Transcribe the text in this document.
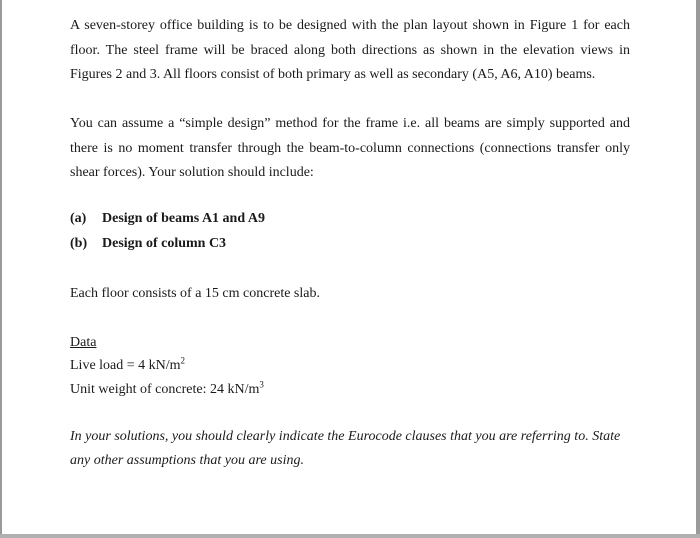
A seven-storey office building is to be designed with the plan layout shown in Figure 1 for each floor. The steel frame will be braced along both directions as shown in the elevation views in Figures 2 and 3. All floors consist of both primary as well as secondary (A5, A6, A10) beams.

You can assume a “simple design” method for the frame i.e. all beams are simply supported and there is no moment transfer through the beam-to-column connections (connections transfer only shear forces). Your solution should include:

(a) Design of beams A1 and A9
(b) Design of column C3
Each floor consists of a 15 cm concrete slab.
Data
Live load = 4 $kN/m^2$
Unit weight of concrete: 24 $kN/m^3$

In your solutions, you should clearly indicate the Eurocode clauses that you are referring to. State any other assumptions that you are using.
